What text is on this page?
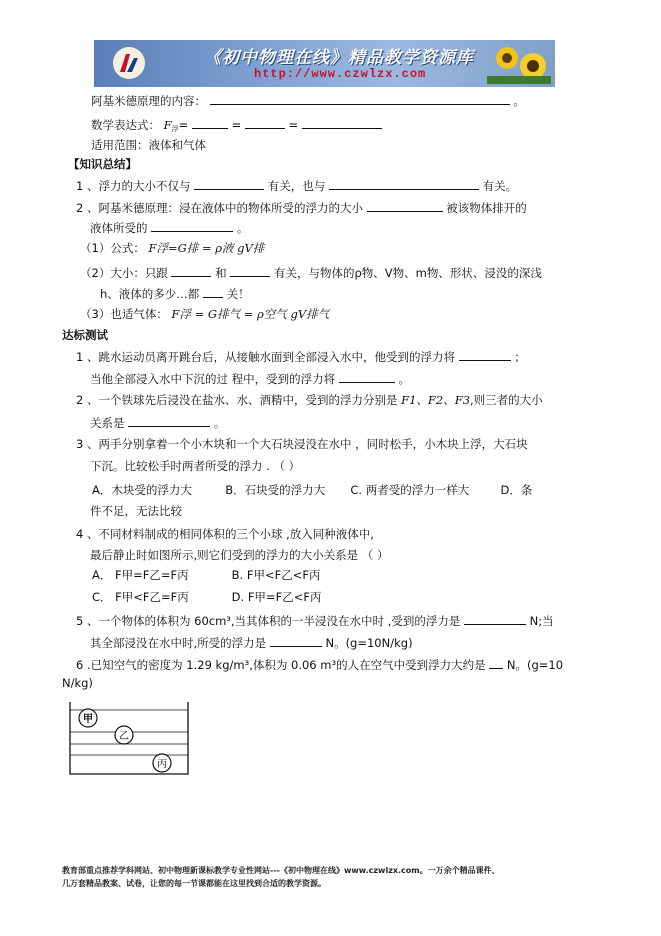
《初中物理在线》精品教学资源库
http://www.czwlzx.com
阿基米德原理的内容：	。
数学表达式： $F_浮=$	=	=
适用范围：液体和气体
【知识总结】
1 、浮力的大小不仅与	有关，也与	有关。
2 、阿基米德原理：浸在液体中的物体所受的浮力的大小	被该物体排开的
液体所受的	。
（1）公式： F浮=G排 = ρ液 gV排
（2）大小：只跟	和	有关，与物体的ρ物、V物、m物、形状、浸没的深浅
h、液体的多少…都 关！
（3）也适气体： F浮 = G排气 = ρ空气 gV排气
达标测试
1 、跳水运动员离开跳台后，从接触水面到全部浸入水中，他受到的浮力将	；
当他全部浸入水中下沉的过 程中，受到的浮力将	。
2 、一个铁球先后浸没在盐水、水、酒精中，受到的浮力分别是 F1、F2、F3,则三者的大小
关系是	。
3 、两手分别拿着一个小木块和一个大石块浸没在水中 ，同时松手，小木块上浮，大石块
下沉。比较松手时两者所受的浮力 . （ ）
A．木块受的浮力大	B．石块受的浮力大 C. 两者受的浮力一样大	D．条
件不足，无法比较
4 、不同材料制成的相同体积的三个小球 ,放入同种液体中,
最后静止时如图所示,则它们受到的浮力的大小关系是 （ ）
A． F甲=F乙=F丙	B. F甲<F乙<F丙
C． F甲<F乙=F丙	D. F甲=F乙<F丙
5 、一个物体的体积为 60cm³,当其体积的一半浸没在水中时 ,受到的浮力是	N;当
其全部浸没在水中时,所受的浮力是	N。(g=10N/kg)
6 .已知空气的密度为 1.29 kg/m³,体积为 0.06 m³的人在空气中受到浮力大约是 N。(g=10
N/kg)
甲
乙
丙
教育部重点推荐学科网站、初中物理新课标教学专业性网站---《初中物理在线》www.czwlzx.com。一万余个精品课件、
几万套精品教案、试卷，让您的每一节课都能在这里找到合适的教学资源。
